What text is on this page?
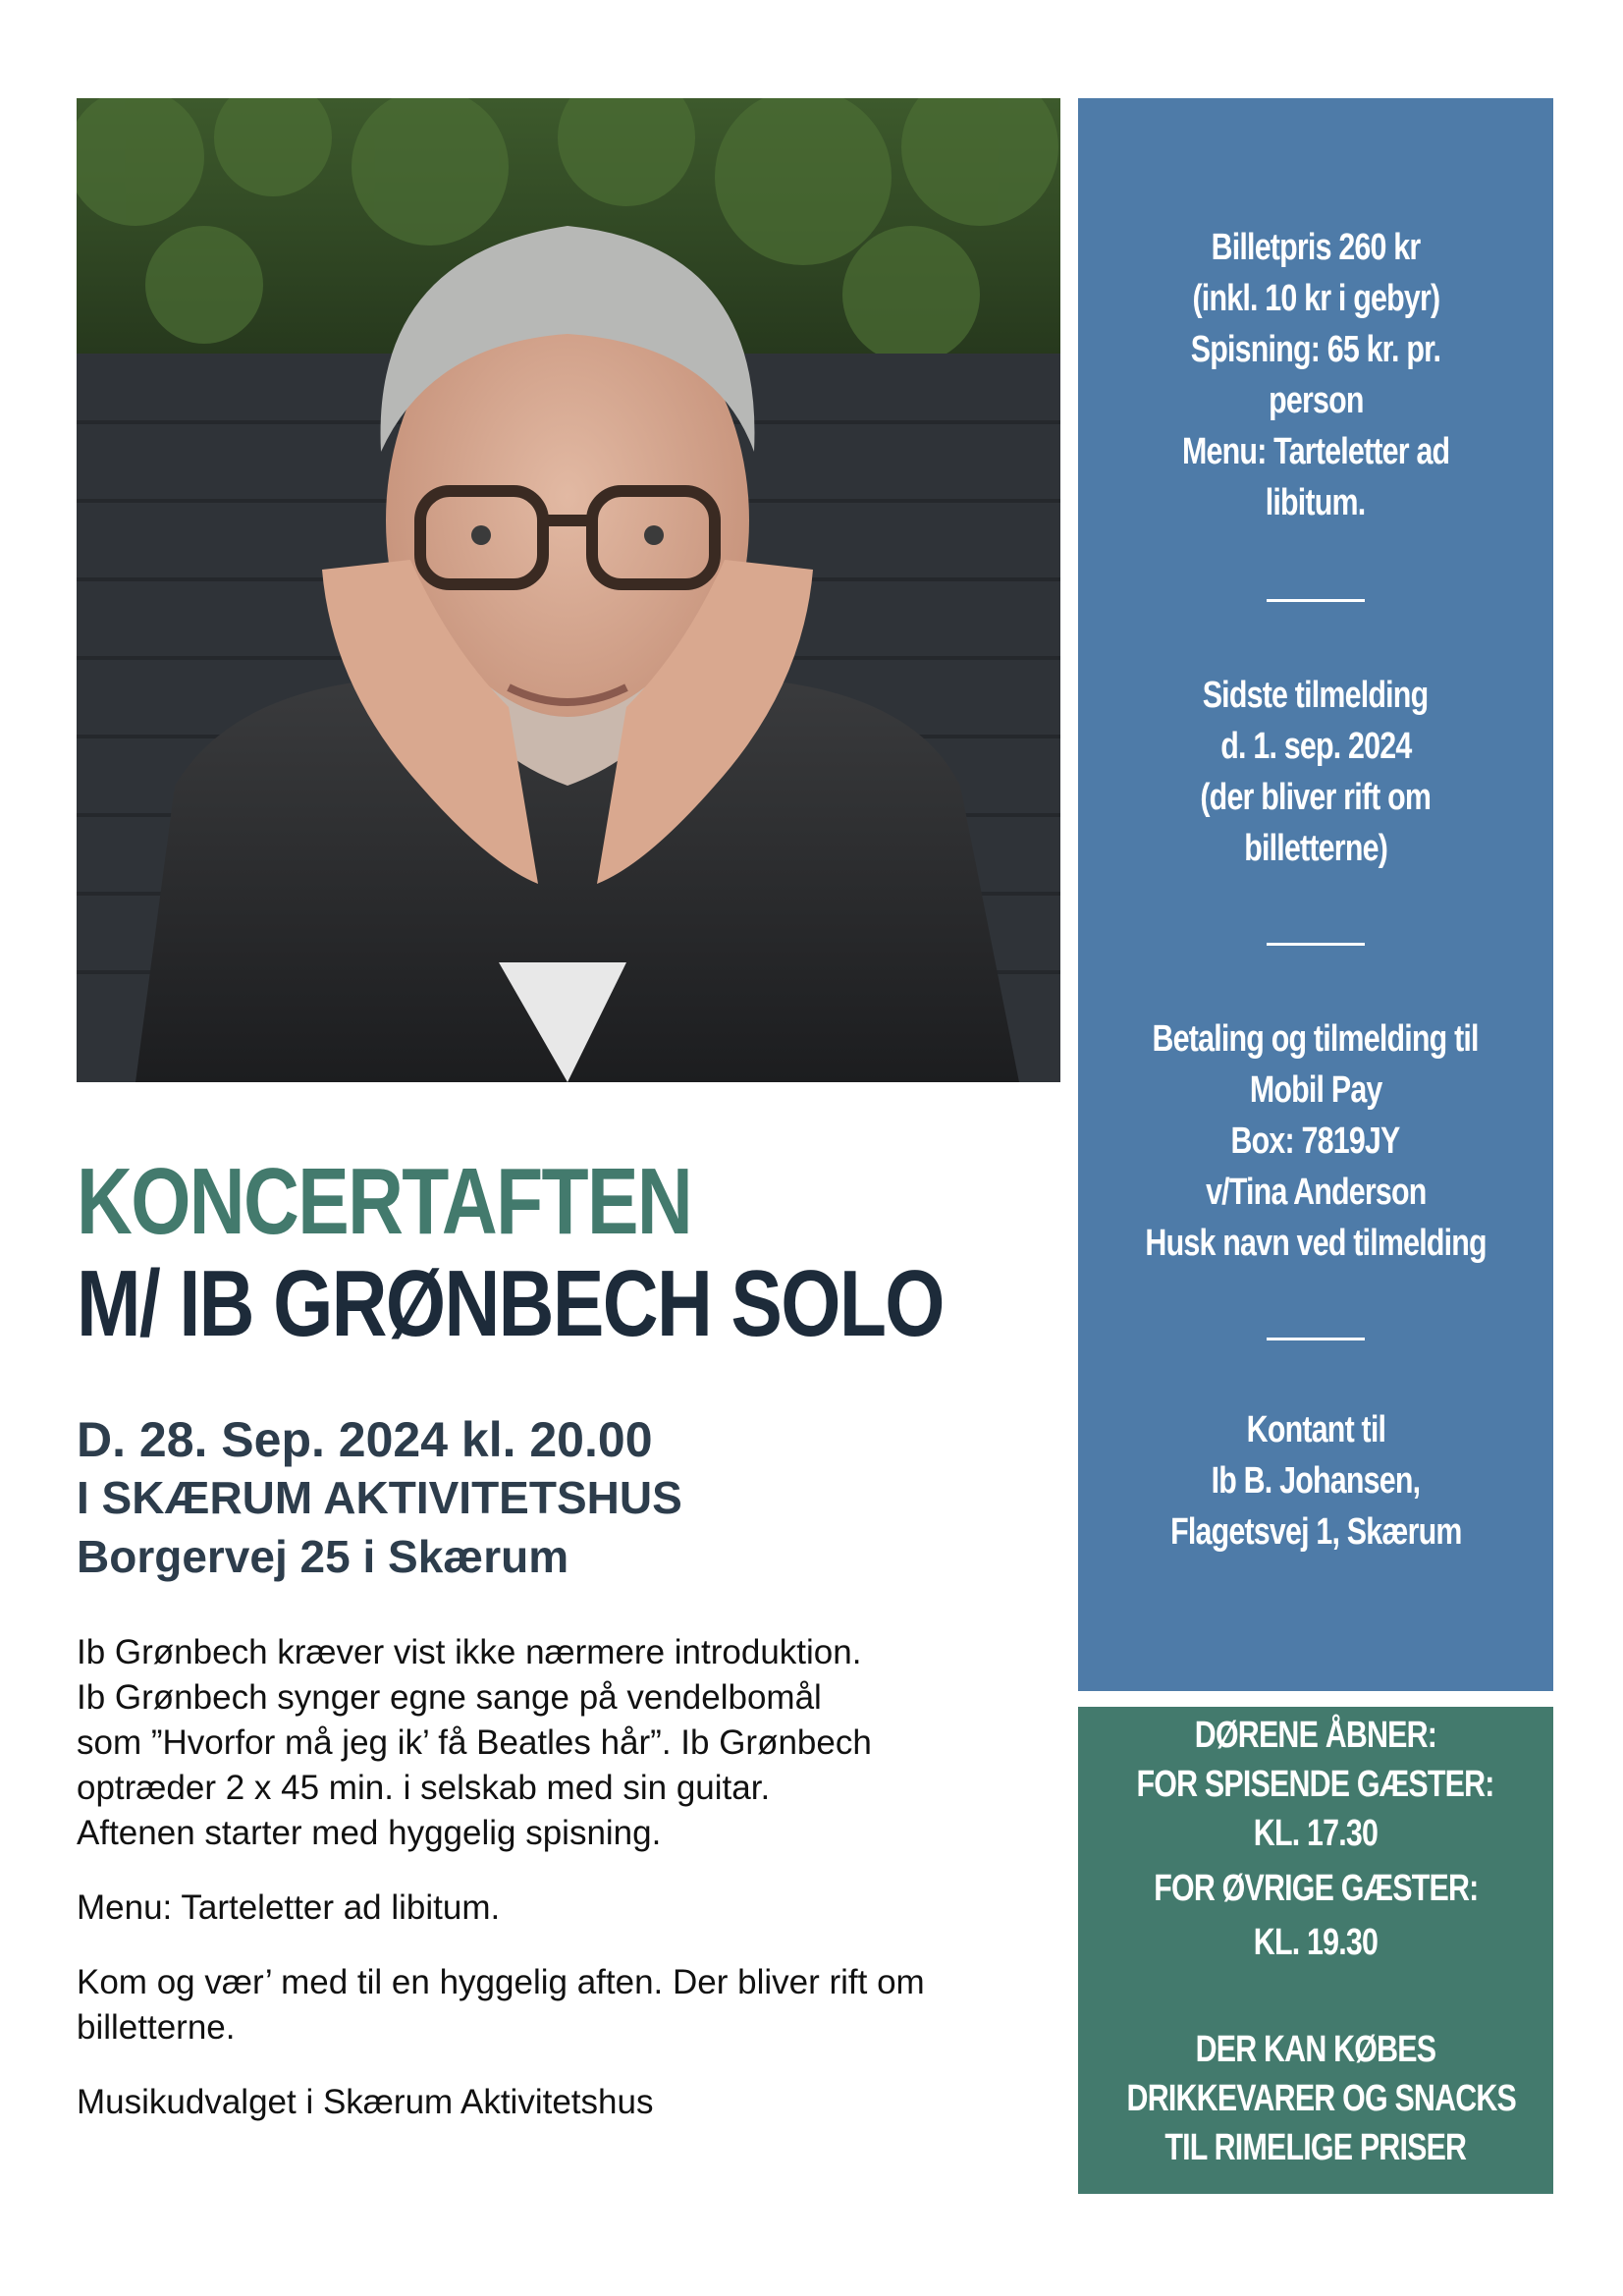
KONCERTAFTEN
M/ IB GRØNBECH SOLO
D. 28. Sep. 2024 kl. 20.00
I SKÆRUM AKTIVITETSHUS
Borgervej 25 i Skærum

Ib Grønbech kræver vist ikke nærmere introduktion.
Ib Grønbech synger egne sange på vendelbomål
som ”Hvorfor må jeg ik’ få Beatles hår”. Ib Grønbech
optræder 2 x 45 min. i selskab med sin guitar.
Aftenen starter med hyggelig spisning.

Menu: Tarteletter ad libitum.

Kom og vær’ med til en hyggelig aften. Der bliver rift om
billetterne.

Musikudvalget i Skærum Aktivitetshus

Billetpris 260 kr
(inkl. 10 kr i gebyr)
Spisning: 65 kr. pr.
person
Menu: Tarteletter ad
libitum.
Sidste tilmelding
d. 1. sep. 2024
(der bliver rift om
billetterne)
Betaling og tilmelding til
Mobil Pay
Box: 7819JY
v/Tina Anderson
Husk navn ved tilmelding
Kontant til
Ib B. Johansen,
Flagetsvej 1, Skærum
DØRENE ÅBNER:
FOR SPISENDE GÆSTER:
KL. 17.30
FOR ØVRIGE GÆSTER:
KL. 19.30
DER KAN KØBES
DRIKKEVARER OG SNACKS
TIL RIMELIGE PRISER
